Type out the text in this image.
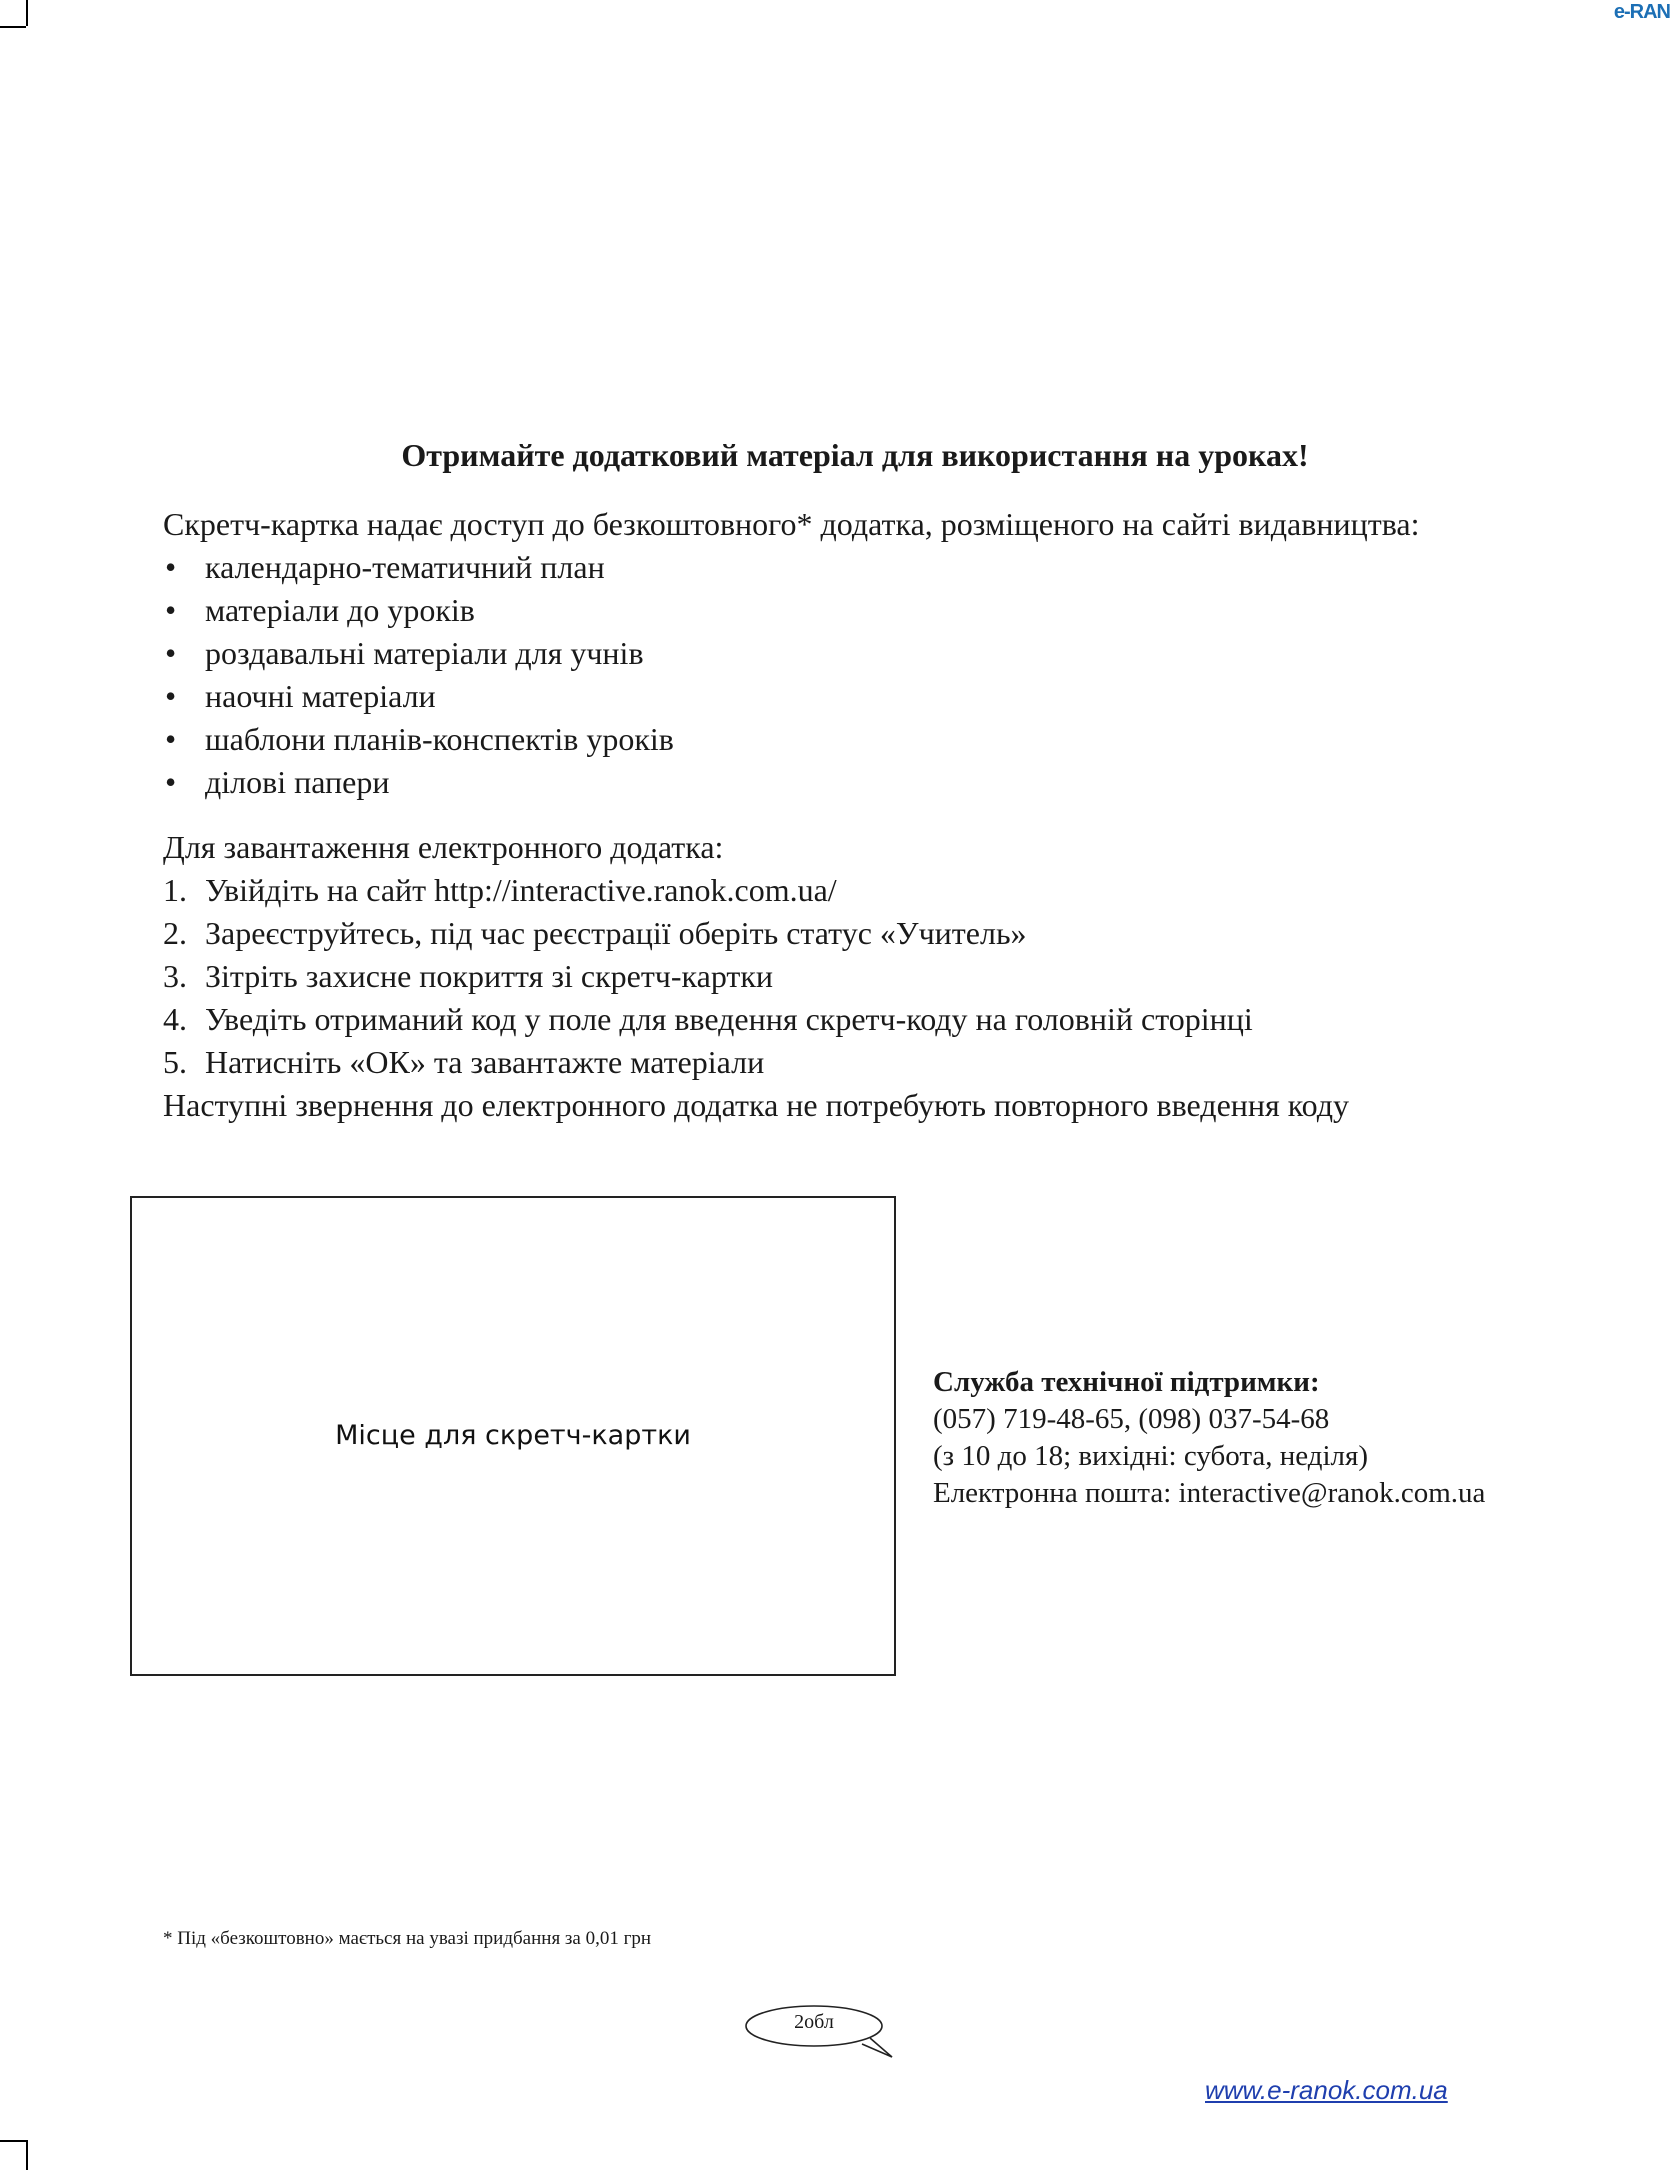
e-RAN
Отримайте додатковий матеріал для використання на уроках!

Скретч-картка надає доступ до безкоштовного* додатка, розміщеного на сайті видавництва:

• календарно-тематичний план
• матеріали до уроків
• роздавальні матеріали для учнів
• наочні матеріали
• шаблони планів-конспектів уроків
• ділові папери

Для завантаження електронного додатка:

1. Увійдіть на сайт http://interactive.ranok.com.ua/
2. Зареєструйтесь, під час реєстрації оберіть статус «Учитель»
3. Зітріть захисне покриття зі скретч-картки
4. Уведіть отриманий код у поле для введення скретч-коду на головній сторінці
5. Натисніть «ОК» та завантажте матеріали

Наступні звернення до електронного додатка не потребують повторного введення коду

Місце для скретч-картки
Служба технічної підтримки:
(057) 719-48-65, (098) 037-54-68
(з 10 до 18; вихідні: субота, неділя)
Електронна пошта: interactive@ranok.com.ua
* Під «безкоштовно» мається на увазі придбання за 0,01 грн
2обл
www.e-ranok.com.ua
